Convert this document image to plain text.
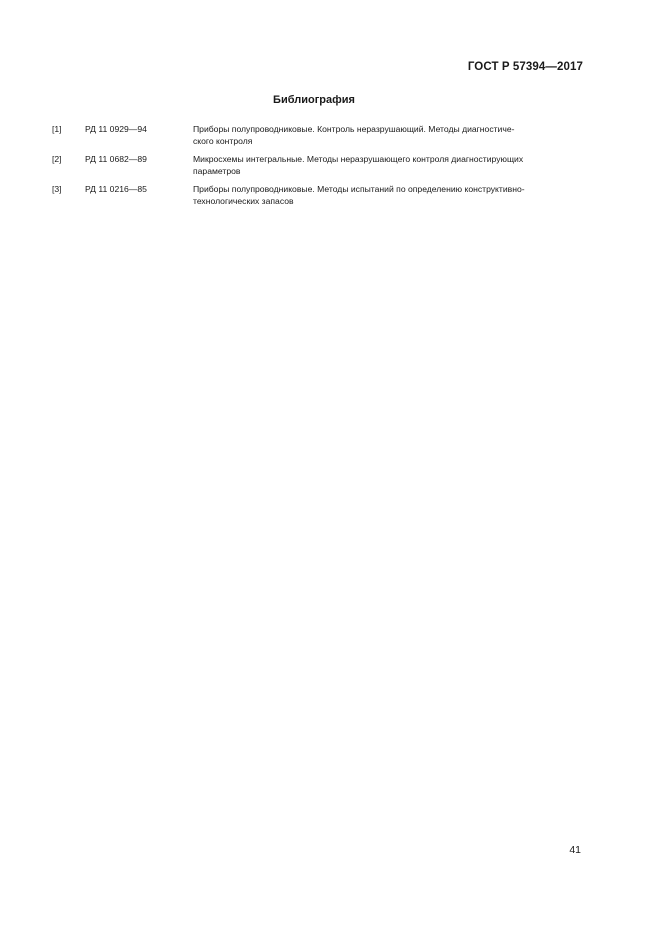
ГОСТ Р 57394—2017
Библиография
[1]	РД 11 0929—94	Приборы полупроводниковые. Контроль неразрушающий. Методы диагностиче-
ского контроля
[2]	РД 11 0682—89	Микросхемы интегральные. Методы неразрушающего контроля диагностирующих
параметров
[3]	РД 11 0216—85	Приборы полупроводниковые. Методы испытаний по определению конструктивно-
технологических запасов
41
